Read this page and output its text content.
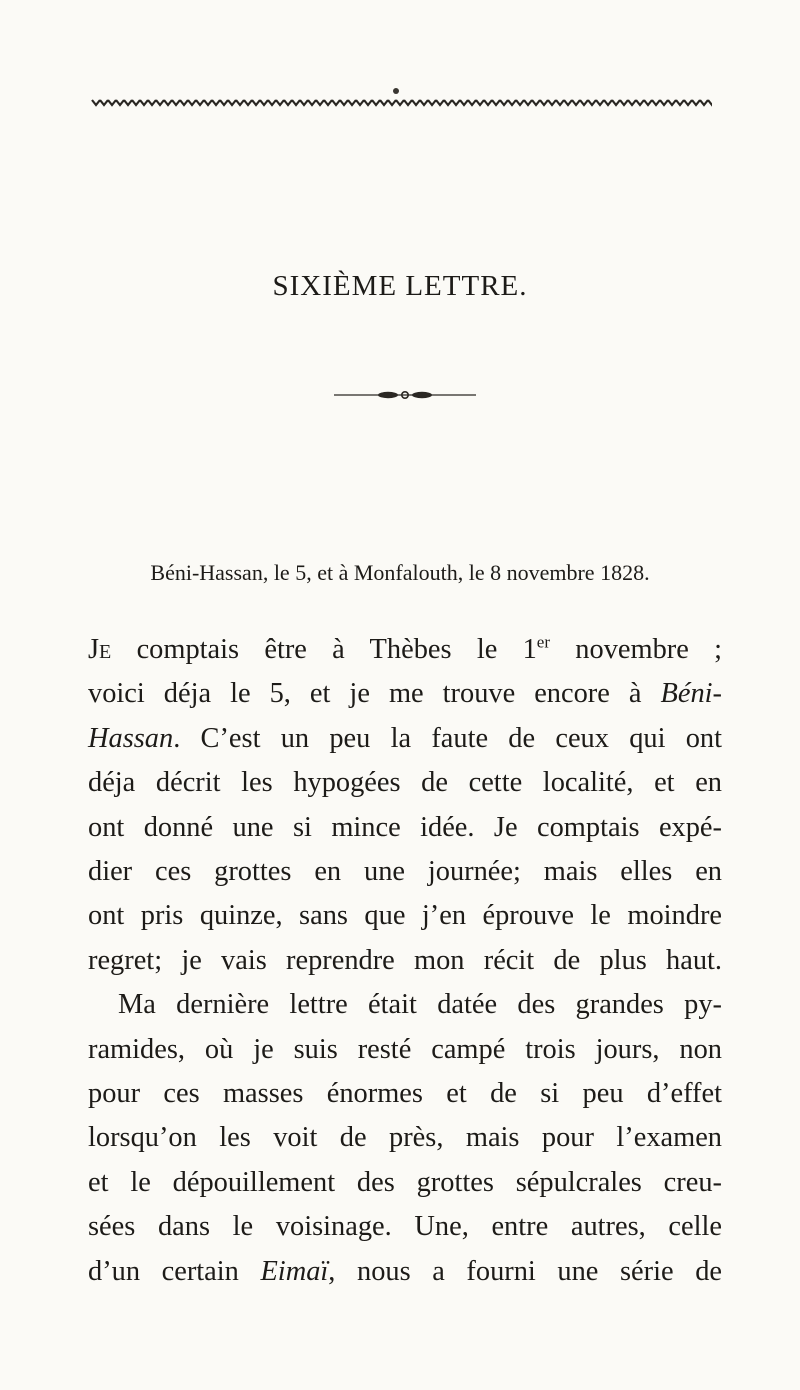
SIXIÈME LETTRE.
Béni-Hassan, le 5, et à Monfalouth, le 8 novembre 1828.
Je comptais être à Thèbes le 1er novembre ;
voici déja le 5, et je me trouve encore à Béni-
Hassan. C’est un peu la faute de ceux qui ont
déja décrit les hypogées de cette localité, et en
ont donné une si mince idée. Je comptais expé-
dier ces grottes en une journée; mais elles en
ont pris quinze, sans que j’en éprouve le moindre
regret; je vais reprendre mon récit de plus haut.
Ma dernière lettre était datée des grandes py-
ramides, où je suis resté campé trois jours, non
pour ces masses énormes et de si peu d’effet
lorsqu’on les voit de près, mais pour l’examen
et le dépouillement des grottes sépulcrales creu-
sées dans le voisinage. Une, entre autres, celle
d’un certain Eimaï, nous a fourni une série de
